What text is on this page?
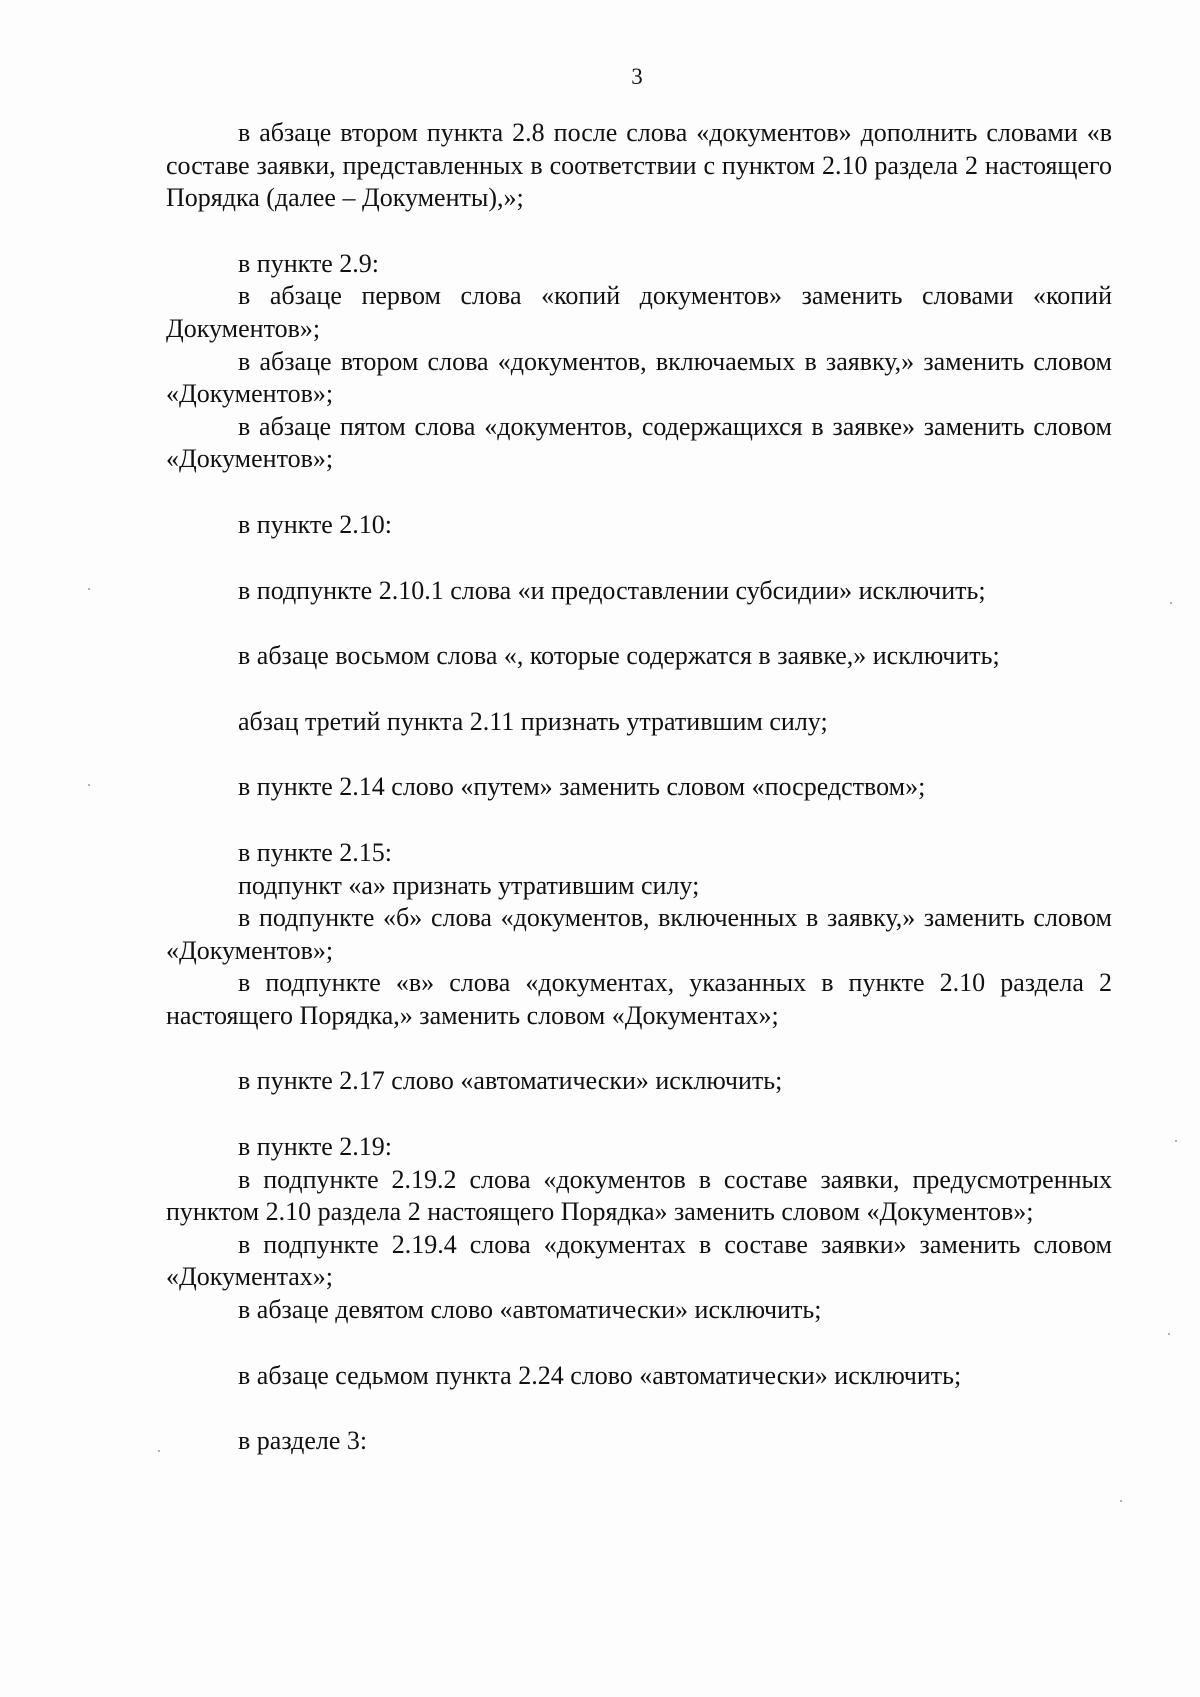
3

в абзаце втором пункта 2.8 после слова «документов» дополнить словами «в составе заявки, представленных в соответствии с пунктом 2.10 раздела 2 настоящего Порядка (далее – Документы),»;

в пункте 2.9:

в абзаце первом слова «копий документов» заменить словами «копий Документов»;

в абзаце втором слова «документов, включаемых в заявку,» заменить словом «Документов»;

в абзаце пятом слова «документов, содержащихся в заявке» заменить словом «Документов»;

в пункте 2.10:

в подпункте 2.10.1 слова «и предоставлении субсидии» исключить;

в абзаце восьмом слова «, которые содержатся в заявке,» исключить;

абзац третий пункта 2.11 признать утратившим силу;

в пункте 2.14 слово «путем» заменить словом «посредством»;

в пункте 2.15:

подпункт «а» признать утратившим силу;

в подпункте «б» слова «документов, включенных в заявку,» заменить словом «Документов»;

в подпункте «в» слова «документах, указанных в пункте 2.10 раздела 2 настоящего Порядка,» заменить словом «Документах»;

в пункте 2.17 слово «автоматически» исключить;

в пункте 2.19:

в подпункте 2.19.2 слова «документов в составе заявки, предусмотренных пунктом 2.10 раздела 2 настоящего Порядка» заменить словом «Документов»;

в подпункте 2.19.4 слова «документах в составе заявки» заменить словом «Документах»;

в абзаце девятом слово «автоматически» исключить;

в абзаце седьмом пункта 2.24 слово «автоматически» исключить;

в разделе 3:
